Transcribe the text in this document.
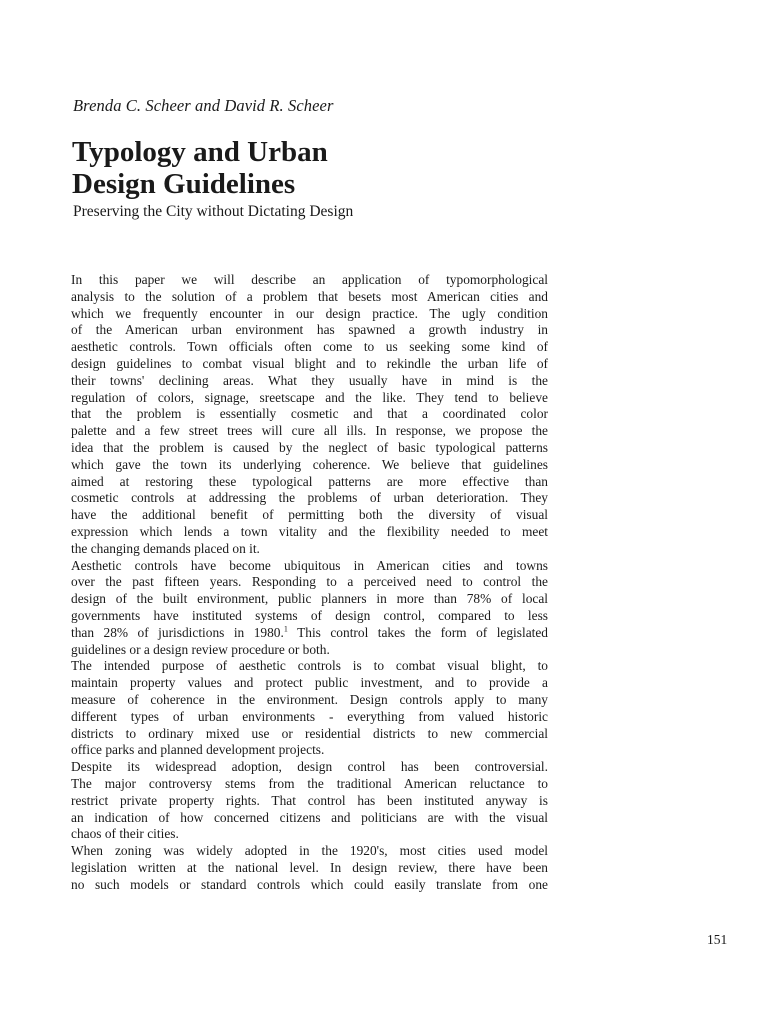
Brenda C. Scheer and David R. Scheer
Typology and Urban
Design Guidelines
Preserving the City without Dictating Design
In this paper we will describe an application of typomorphological
analysis to the solution of a problem that besets most American cities and
which we frequently encounter in our design practice. The ugly condition
of the American urban environment has spawned a growth industry in
aesthetic controls. Town officials often come to us seeking some kind of
design guidelines to combat visual blight and to rekindle the urban life of
their towns' declining areas. What they usually have in mind is the
regulation of colors, signage, sreetscape and the like. They tend to believe
that the problem is essentially cosmetic and that a coordinated color
palette and a few street trees will cure all ills. In response, we propose the
idea that the problem is caused by the neglect of basic typological patterns
which gave the town its underlying coherence. We believe that guidelines
aimed at restoring these typological patterns are more effective than
cosmetic controls at addressing the problems of urban deterioration. They
have the additional benefit of permitting both the diversity of visual
expression which lends a town vitality and the flexibility needed to meet
the changing demands placed on it.
Aesthetic controls have become ubiquitous in American cities and towns
over the past fifteen years. Responding to a perceived need to control the
design of the built environment, public planners in more than 78% of local
governments have instituted systems of design control, compared to less
than 28% of jurisdictions in 1980.$^1$ This control takes the form of legislated
guidelines or a design review procedure or both.
The intended purpose of aesthetic controls is to combat visual blight, to
maintain property values and protect public investment, and to provide a
measure of coherence in the environment. Design controls apply to many
different types of urban environments - everything from valued historic
districts to ordinary mixed use or residential districts to new commercial
office parks and planned development projects.
Despite its widespread adoption, design control has been controversial.
The major controversy stems from the traditional American reluctance to
restrict private property rights. That control has been instituted anyway is
an indication of how concerned citizens and politicians are with the visual
chaos of their cities.
When zoning was widely adopted in the 1920's, most cities used model
legislation written at the national level. In design review, there have been
no such models or standard controls which could easily translate from one
151
